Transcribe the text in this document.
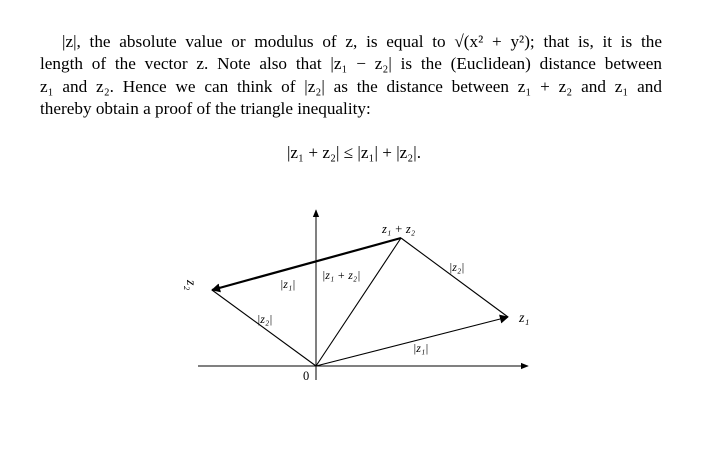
|z|, the absolute value or modulus of z, is equal to √(x² + y²); that is, it is the
length of the vector z. Note also that |z₁ − z₂| is the (Euclidean) distance between
z₁ and z₂. Hence we can think of |z₂| as the distance between z₁ + z₂ and z₁ and
thereby obtain a proof of the triangle inequality:
|z₁ + z₂| ≤ |z₁| + |z₂|.
z₁ + z₂
z₁
z₂
0
|z₁|
|z₁ + z₂|
|z₂|
|z₂|
|z₁|
